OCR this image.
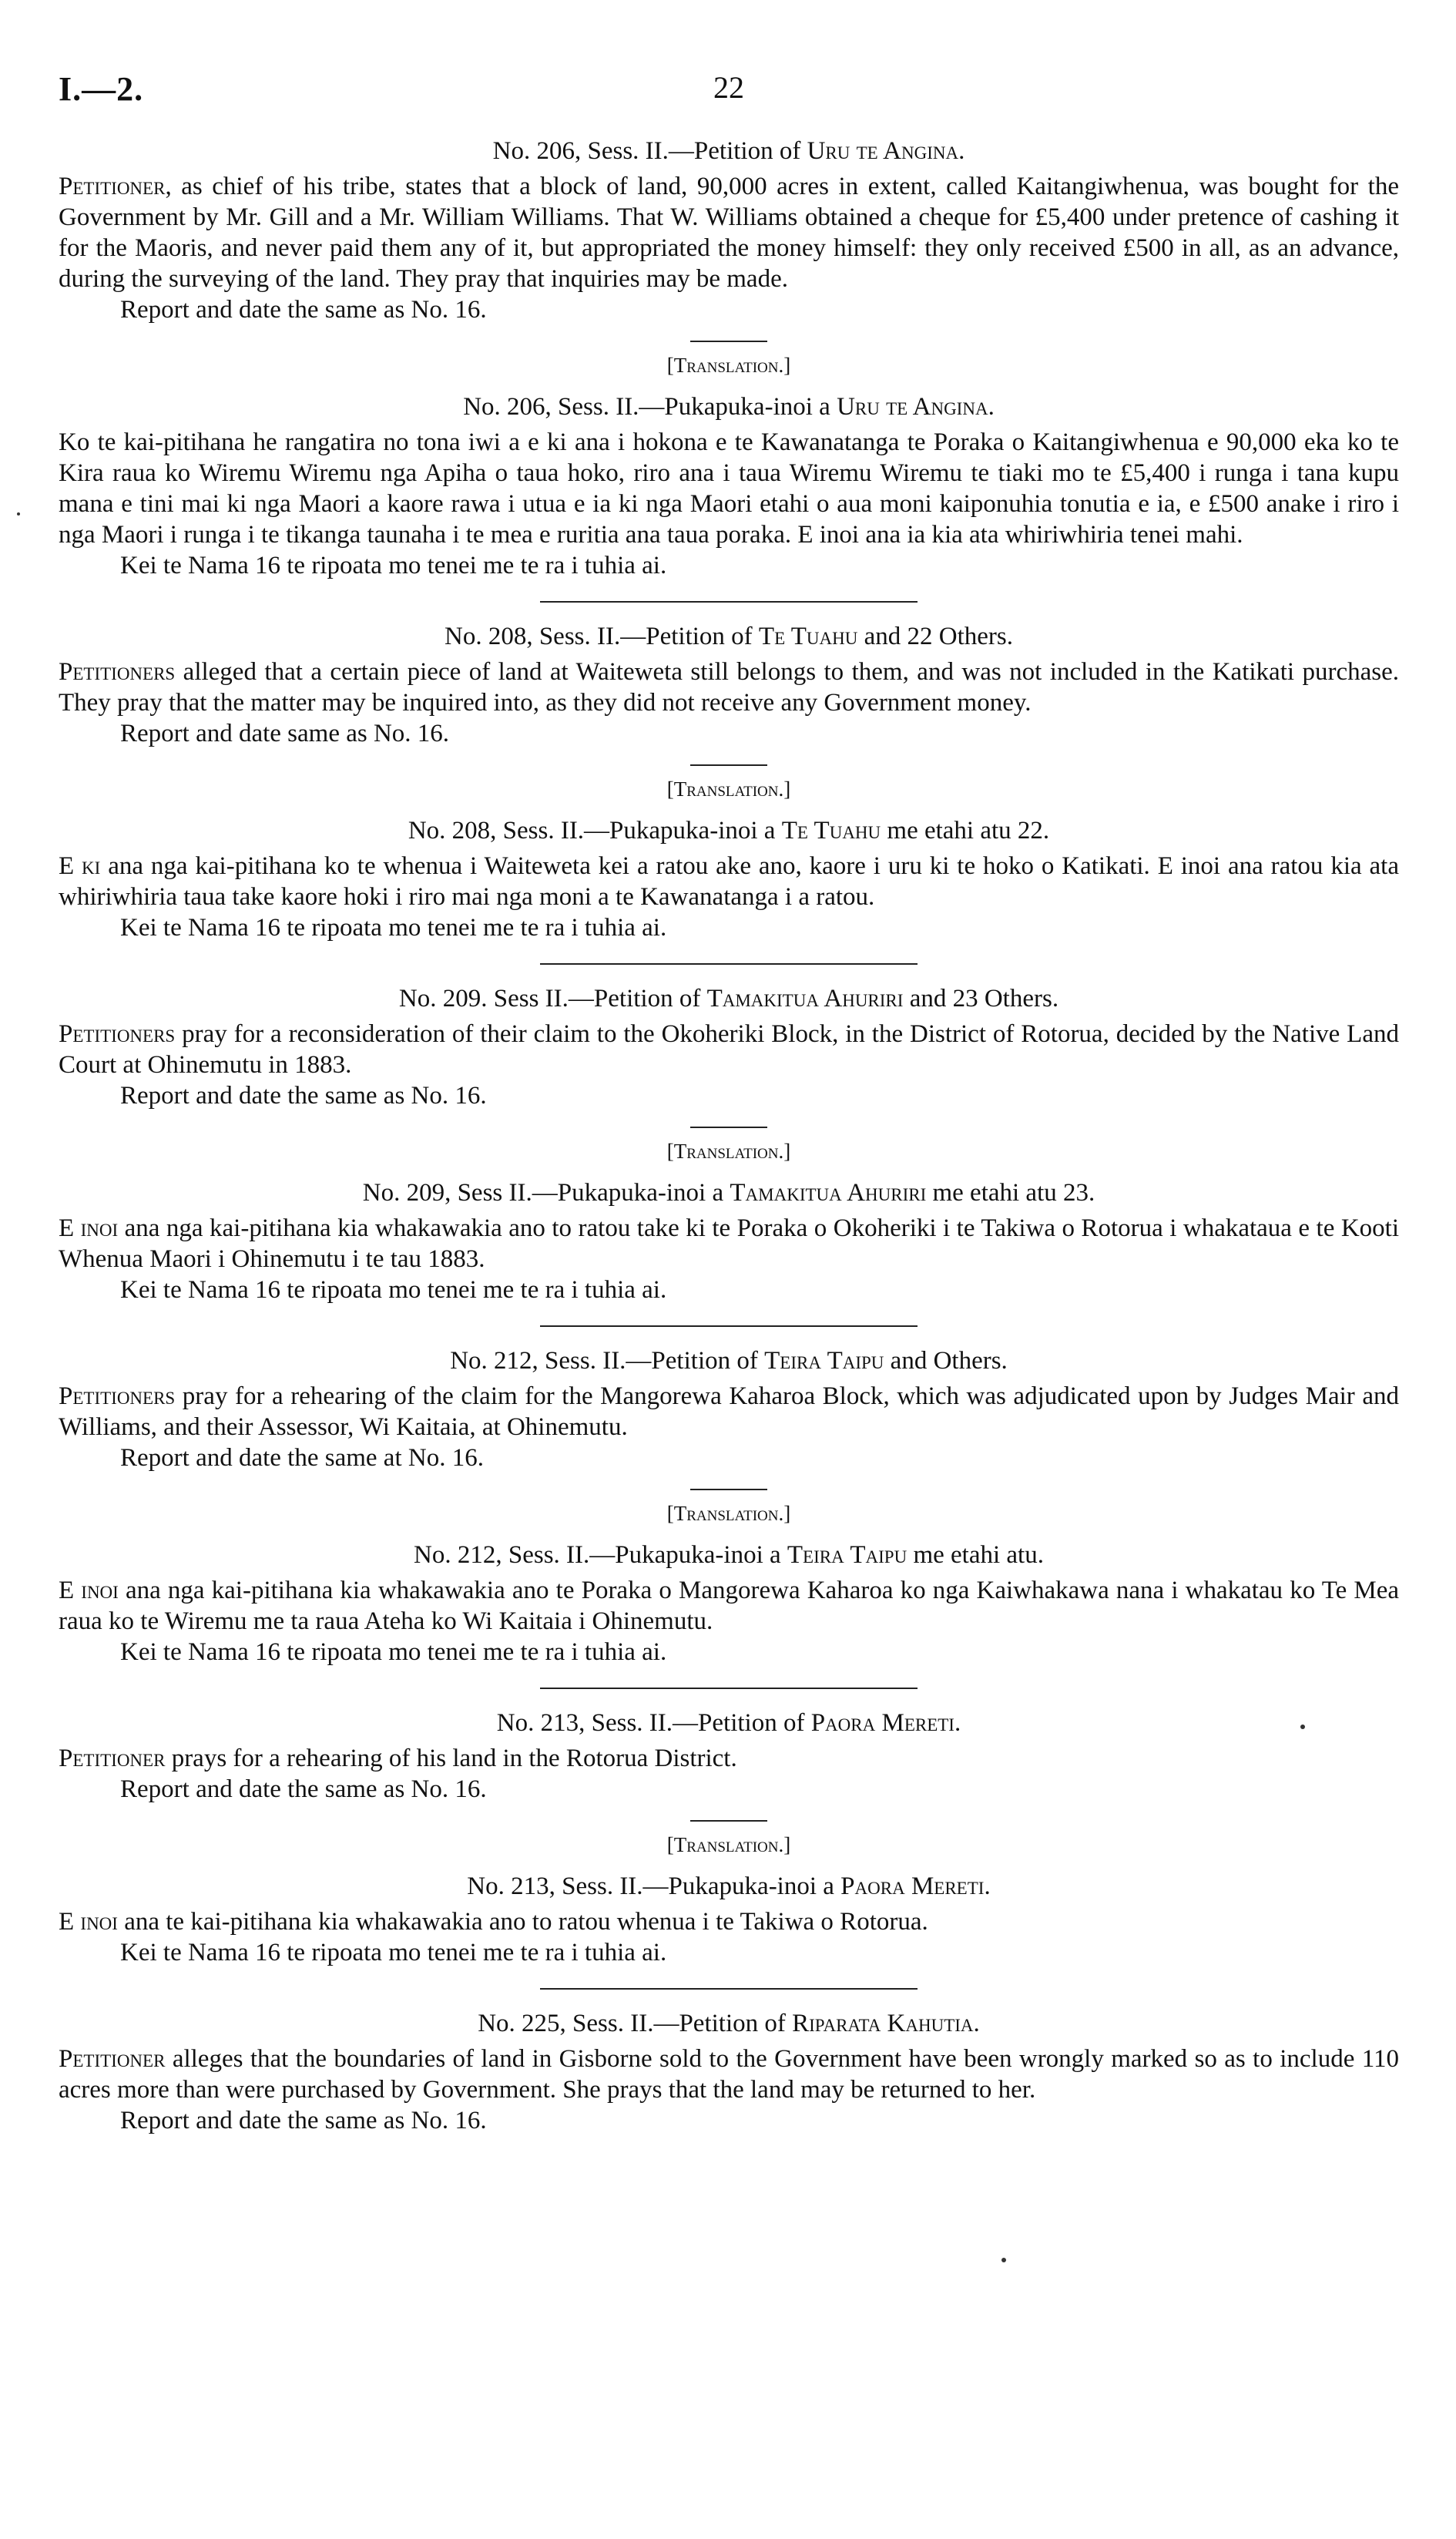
I.—2.	22

No. 206, Sess. II.—Petition of Uru te Angina.

Petitioner, as chief of his tribe, states that a block of land, 90,000 acres in extent, called Kaitangiwhenua, was bought for the Government by Mr. Gill and a Mr. William Williams. That W. Williams obtained a cheque for £5,400 under pretence of cashing it for the Maoris, and never paid them any of it, but appropriated the money himself: they only received £500 in all, as an advance, during the surveying of the land. They pray that inquiries may be made.

Report and date the same as No. 16.

[Translation.]

No. 206, Sess. II.—Pukapuka-inoi a Uru te Angina.

Ko te kai-pitihana he rangatira no tona iwi a e ki ana i hokona e te Kawanatanga te Poraka o Kaitangiwhenua e 90,000 eka ko te Kira raua ko Wiremu Wiremu nga Apiha o taua hoko, riro ana i taua Wiremu Wiremu te tiaki mo te £5,400 i runga i tana kupu mana e tini mai ki nga Maori a kaore rawa i utua e ia ki nga Maori etahi o aua moni kaiponuhia tonutia e ia, e £500 anake i riro i nga Maori i runga i te tikanga taunaha i te mea e ruritia ana taua poraka. E inoi ana ia kia ata whiriwhiria tenei mahi.

Kei te Nama 16 te ripoata mo tenei me te ra i tuhia ai.

No. 208, Sess. II.—Petition of Te Tuahu and 22 Others.

Petitioners alleged that a certain piece of land at Waiteweta still belongs to them, and was not included in the Katikati purchase. They pray that the matter may be inquired into, as they did not receive any Government money.

Report and date same as No. 16.

[Translation.]

No. 208, Sess. II.—Pukapuka-inoi a Te Tuahu me etahi atu 22.

E ki ana nga kai-pitihana ko te whenua i Waiteweta kei a ratou ake ano, kaore i uru ki te hoko o Katikati. E inoi ana ratou kia ata whiriwhiria taua take kaore hoki i riro mai nga moni a te Kawanatanga i a ratou.

Kei te Nama 16 te ripoata mo tenei me te ra i tuhia ai.

No. 209. Sess II.—Petition of Tamakitua Ahuriri and 23 Others.

Petitioners pray for a reconsideration of their claim to the Okoheriki Block, in the District of Rotorua, decided by the Native Land Court at Ohinemutu in 1883.

Report and date the same as No. 16.

[Translation.]

No. 209, Sess II.—Pukapuka-inoi a Tamakitua Ahuriri me etahi atu 23.

E inoi ana nga kai-pitihana kia whakawakia ano to ratou take ki te Poraka o Okoheriki i te Takiwa o Rotorua i whakataua e te Kooti Whenua Maori i Ohinemutu i te tau 1883.

Kei te Nama 16 te ripoata mo tenei me te ra i tuhia ai.

No. 212, Sess. II.—Petition of Teira Taipu and Others.

Petitioners pray for a rehearing of the claim for the Mangorewa Kaharoa Block, which was adjudicated upon by Judges Mair and Williams, and their Assessor, Wi Kaitaia, at Ohinemutu.

Report and date the same at No. 16.

[Translation.]

No. 212, Sess. II.—Pukapuka-inoi a Teira Taipu me etahi atu.

E inoi ana nga kai-pitihana kia whakawakia ano te Poraka o Mangorewa Kaharoa ko nga Kaiwhakawa nana i whakatau ko Te Mea raua ko te Wiremu me ta raua Ateha ko Wi Kaitaia i Ohinemutu.

Kei te Nama 16 te ripoata mo tenei me te ra i tuhia ai.

No. 213, Sess. II.—Petition of Paora Mereti.

Petitioner prays for a rehearing of his land in the Rotorua District.

Report and date the same as No. 16.

[Translation.]

No. 213, Sess. II.—Pukapuka-inoi a Paora Mereti.

E inoi ana te kai-pitihana kia whakawakia ano to ratou whenua i te Takiwa o Rotorua.

Kei te Nama 16 te ripoata mo tenei me te ra i tuhia ai.

No. 225, Sess. II.—Petition of Riparata Kahutia.

Petitioner alleges that the boundaries of land in Gisborne sold to the Government have been wrongly marked so as to include 110 acres more than were purchased by Government. She prays that the land may be returned to her.

Report and date the same as No. 16.
